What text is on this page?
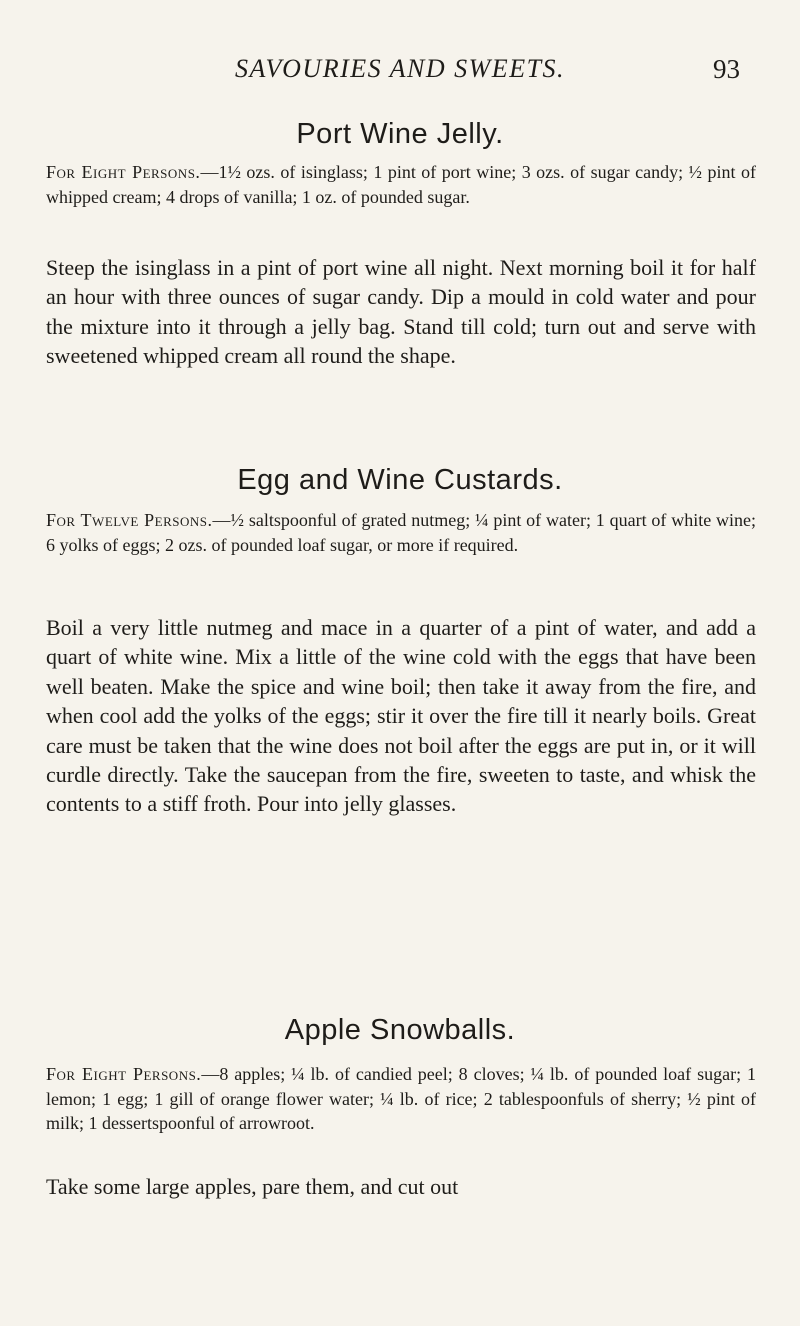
SAVOURIES AND SWEETS.	93
Port Wine Jelly.
For Eight Persons.—1½ ozs. of isinglass; 1 pint of port wine; 3 ozs. of sugar candy; ½ pint of whipped cream; 4 drops of vanilla; 1 oz. of pounded sugar.

Steep the isinglass in a pint of port wine all night. Next morning boil it for half an hour with three ounces of sugar candy. Dip a mould in cold water and pour the mixture into it through a jelly bag. Stand till cold; turn out and serve with sweetened whipped cream all round the shape.

Egg and Wine Custards.
For Twelve Persons.—½ saltspoonful of grated nutmeg; ¼ pint of water; 1 quart of white wine; 6 yolks of eggs; 2 ozs. of pounded loaf sugar, or more if required.

Boil a very little nutmeg and mace in a quarter of a pint of water, and add a quart of white wine. Mix a little of the wine cold with the eggs that have been well beaten. Make the spice and wine boil; then take it away from the fire, and when cool add the yolks of the eggs; stir it over the fire till it nearly boils. Great care must be taken that the wine does not boil after the eggs are put in, or it will curdle directly. Take the saucepan from the fire, sweeten to taste, and whisk the contents to a stiff froth. Pour into jelly glasses.

Apple Snowballs.
For Eight Persons.—8 apples; ¼ lb. of candied peel; 8 cloves; ¼ lb. of pounded loaf sugar; 1 lemon; 1 egg; 1 gill of orange flower water; ¼ lb. of rice; 2 tablespoonfuls of sherry; ½ pint of milk; 1 dessertspoonful of arrowroot.

Take some large apples, pare them, and cut out
